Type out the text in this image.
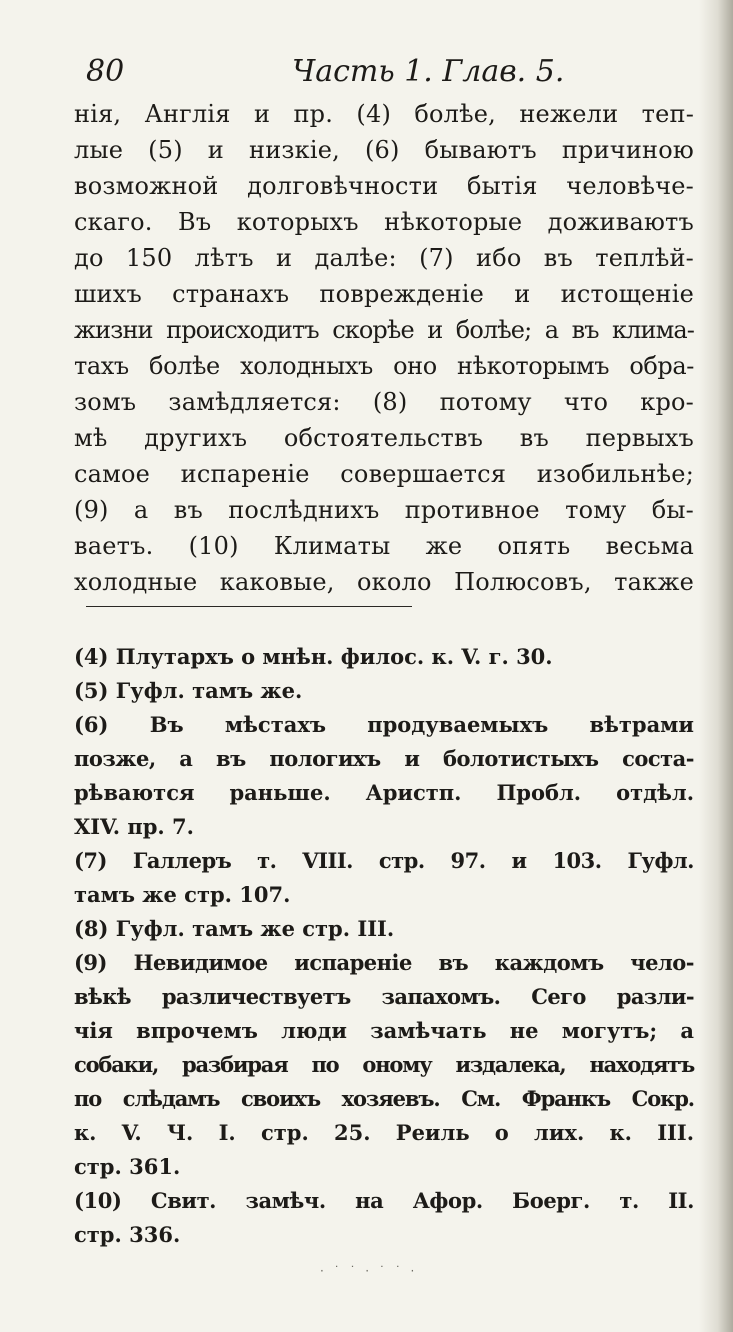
80	Часть 1. Глав. 5.
нія, Англія и пр. (4) болѣе, нежели теп-
лые (5) и низкіе, (6) бываютъ причиною
возможной долговѣчности бытія человѣче-
скаго. Въ которыхъ нѣкоторые доживаютъ
до 150 лѣтъ и далѣе: (7) ибо въ теплѣй-
шихъ странахъ поврежденіе и истощеніе
жизни происходитъ скорѣе и болѣе; а въ клима-
тахъ болѣе холодныхъ оно нѣкоторымъ обра-
зомъ замѣдляется: (8) потому что кро-
мѣ другихъ обстоятельствъ въ первыхъ
самое испареніе совершается изобильнѣе;
(9) а въ послѣднихъ противное тому бы-
ваетъ. (10) Климаты же опять весьма
холодные каковые, около Полюсовъ, также
(4) Плутархъ о мнѣн. филос. к. V. г. 30.
(5) Гуфл. тамъ же.
(6) Въ мѣстахъ продуваемыхъ вѣтрами
позже, а въ пологихъ и болотистыхъ соста-
рѣваются раньше. Аристп. Пробл. отдѣл.
XIV. пр. 7.
(7) Галлеръ т. VIII. стр. 97. и 103. Гуфл.
тамъ же стр. 107.
(8) Гуфл. тамъ же стр. III.
(9) Невидимое испареніе въ каждомъ чело-
вѣкѣ различествуетъ запахомъ. Сего разли-
чія впрочемъ люди замѣчать не могутъ; а
собаки, разбирая по оному издалека, находятъ
по слѣдамъ своихъ хозяевъ. См. Франкъ Сокр.
к. V. Ч. I. стр. 25. Реиль о лих. к. III.
стр. 361.
(10) Свит. замѣч. на Афор. Боерг. т. II.
стр. 336.
· ˙ ˙ · ˙ ˙ ·
